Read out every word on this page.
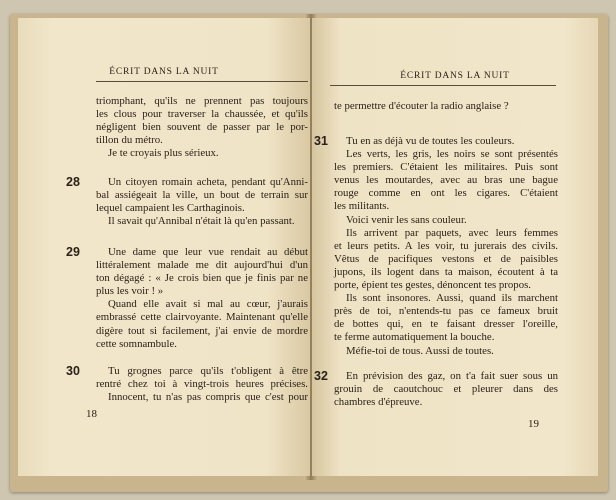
ÉCRIT DANS LA NUIT
triomphant, qu'ils ne prennent pas toujours
les clous pour traverser la chaussée, et qu'ils
négligent bien souvent de passer par le por-
tillon du métro.
Je te croyais plus sérieux.
28	Un citoyen romain acheta, pendant qu'Anni-
bal assiégeait la ville, un bout de terrain sur
lequel campaient les Carthaginois.
Il savait qu'Annibal n'était là qu'en passant.
29	Une dame que leur vue rendait au début
littéralement malade me dit aujourd'hui d'un
ton dégagé : « Je crois bien que je finis par ne
plus les voir ! »
Quand elle avait si mal au cœur, j'aurais
embrassé cette clairvoyante. Maintenant qu'elle
digère tout si facilement, j'ai envie de mordre
cette somnambule.
30	Tu grognes parce qu'ils t'obligent à être
rentré chez toi à vingt-trois heures précises.
Innocent, tu n'as pas compris que c'est pour
18
ÉCRIT DANS LA NUIT
te permettre d'écouter la radio anglaise ?
31	Tu en as déjà vu de toutes les couleurs.
Les verts, les gris, les noirs se sont présentés
les premiers. C'étaient les militaires. Puis sont
venus les moutardes, avec au bras une bague
rouge comme en ont les cigares. C'étaient
les militants.
Voici venir les sans couleur.
Ils arrivent par paquets, avec leurs femmes
et leurs petits. A les voir, tu jurerais des civils.
Vêtus de pacifiques vestons et de paisibles
jupons, ils logent dans ta maison, écoutent à ta
porte, épient tes gestes, dénoncent tes propos.
Ils sont insonores. Aussi, quand ils marchent
près de toi, n'entends-tu pas ce fameux bruit
de bottes qui, en te faisant dresser l'oreille,
te ferme automatiquement la bouche.
Méfie-toi de tous. Aussi de toutes.
32	En prévision des gaz, on t'a fait suer sous un
grouin de caoutchouc et pleurer dans des
chambres d'épreuve.
19
